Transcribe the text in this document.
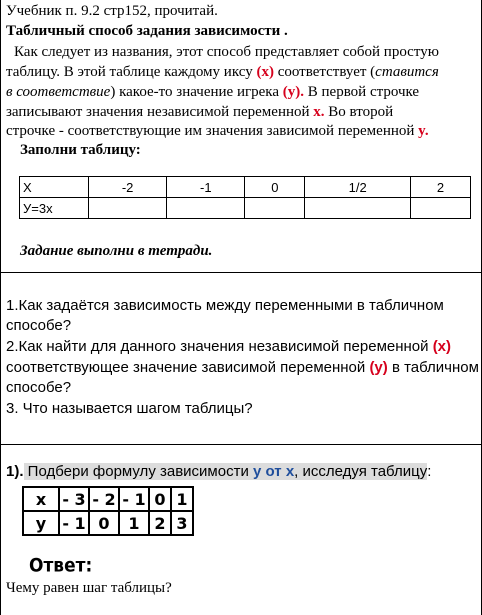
Учебник п. 9.2 стр152, прочитай.
Табличный способ задания зависимости .
Как следует из названия, этот способ представляет собой простую
таблицу. В этой таблице каждому иксу (x) соответствует (ставится
в соответствие) какое-то значение игрека (y). В первой строчке
записывают значения независимой переменной x. Во второй
строчке - соответствующие им значения зависимой переменной y.
Заполни таблицу:
X	-2	-1	0	1/2	2
У=3х					
Задание выполни в тетради.
1.Как задаётся зависимость между переменными в табличном
способе?
2.Как найти для данного значения независимой переменной (x)
соответствующее значение зависимой переменной (y) в табличном
способе?
3. Что называется шагом таблицы?
1). Подбери формулу зависимости у от х, исследуя таблицу:
х	- 3	- 2	- 1	0	1
у	- 1	0	1	2	3
Ответ:
Чему равен шаг таблицы?
